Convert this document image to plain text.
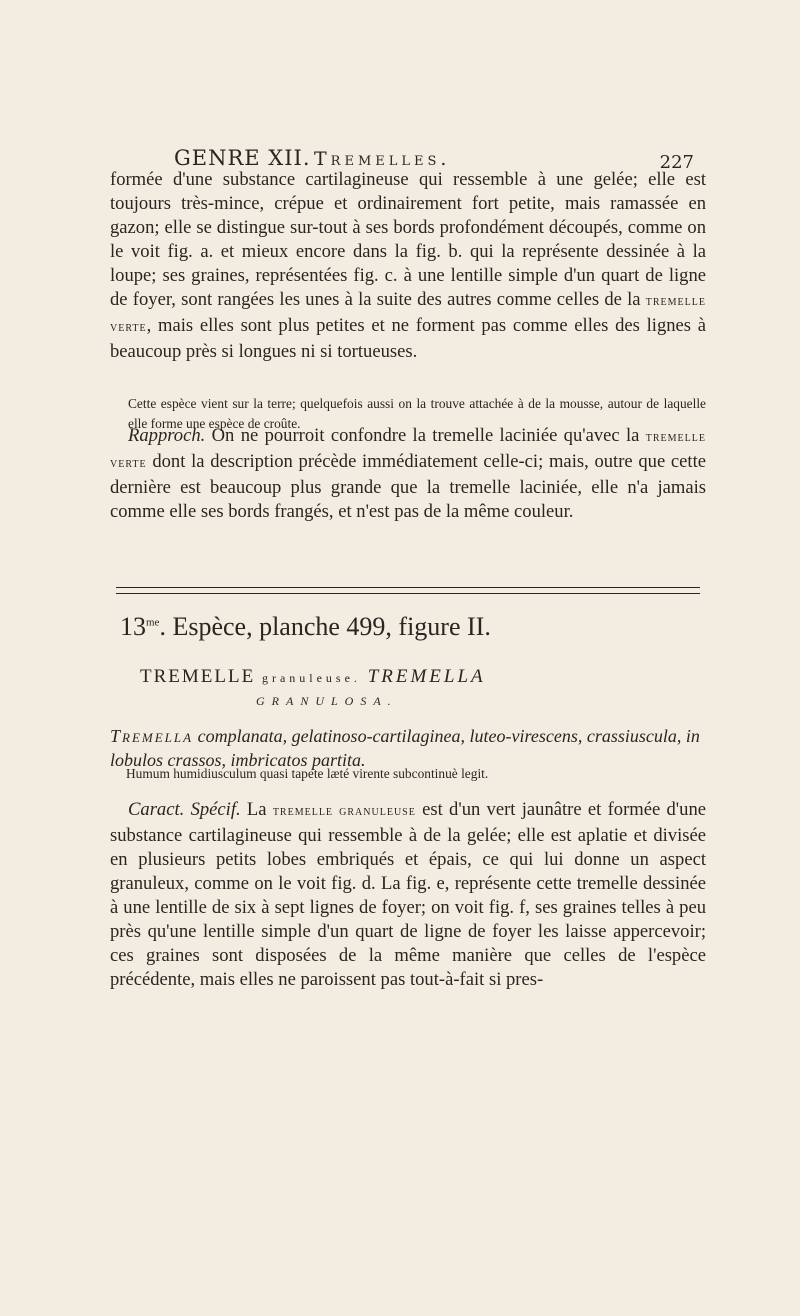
GENRE XII. Tremelles.	227
formée d'une substance cartilagineuse qui ressemble à une gelée; elle est toujours très-mince, crépue et ordinairement fort petite, mais ramassée en gazon; elle se distingue sur-tout à ses bords profondément découpés, comme on le voit fig. a. et mieux encore dans la fig. b. qui la représente dessinée à la loupe; ses graines, représentées fig. c. à une lentille simple d'un quart de ligne de foyer, sont rangées les unes à la suite des autres comme celles de la tremelle verte, mais elles sont plus petites et ne forment pas comme elles des lignes à beaucoup près si longues ni si tortueuses.
Cette espèce vient sur la terre; quelquefois aussi on la trouve attachée à de la mousse, autour de laquelle elle forme une espèce de croûte.
Rapproch. On ne pourroit confondre la tremelle laciniée qu'avec la tremelle verte dont la description précède immédiatement celle-ci; mais, outre que cette dernière est beaucoup plus grande que la tremelle laciniée, elle n'a jamais comme elle ses bords frangés, et n'est pas de la même couleur.
$13^{me}$. Espèce, planche 499, figure II.
TREMELLE granuleuse. TREMELLA
GRANULOSA.
Tremella complanata, gelatinoso-cartilaginea, luteo-virescens, crassiuscula, in lobulos crassos, imbricatos partita.
Humum humidiusculum quasi tapete læté virente subcontinuè legit.
Caract. Spécif. La tremelle granuleuse est d'un vert jaunâtre et formée d'une substance cartilagineuse qui ressemble à de la gelée; elle est aplatie et divisée en plusieurs petits lobes embriqués et épais, ce qui lui donne un aspect granuleux, comme on le voit fig. d. La fig. e, représente cette tremelle dessinée à une lentille de six à sept lignes de foyer; on voit fig. f, ses graines telles à peu près qu'une lentille simple d'un quart de ligne de foyer les laisse appercevoir; ces graines sont disposées de la même manière que celles de l'espèce précédente, mais elles ne paroissent pas tout-à-fait si pres-
